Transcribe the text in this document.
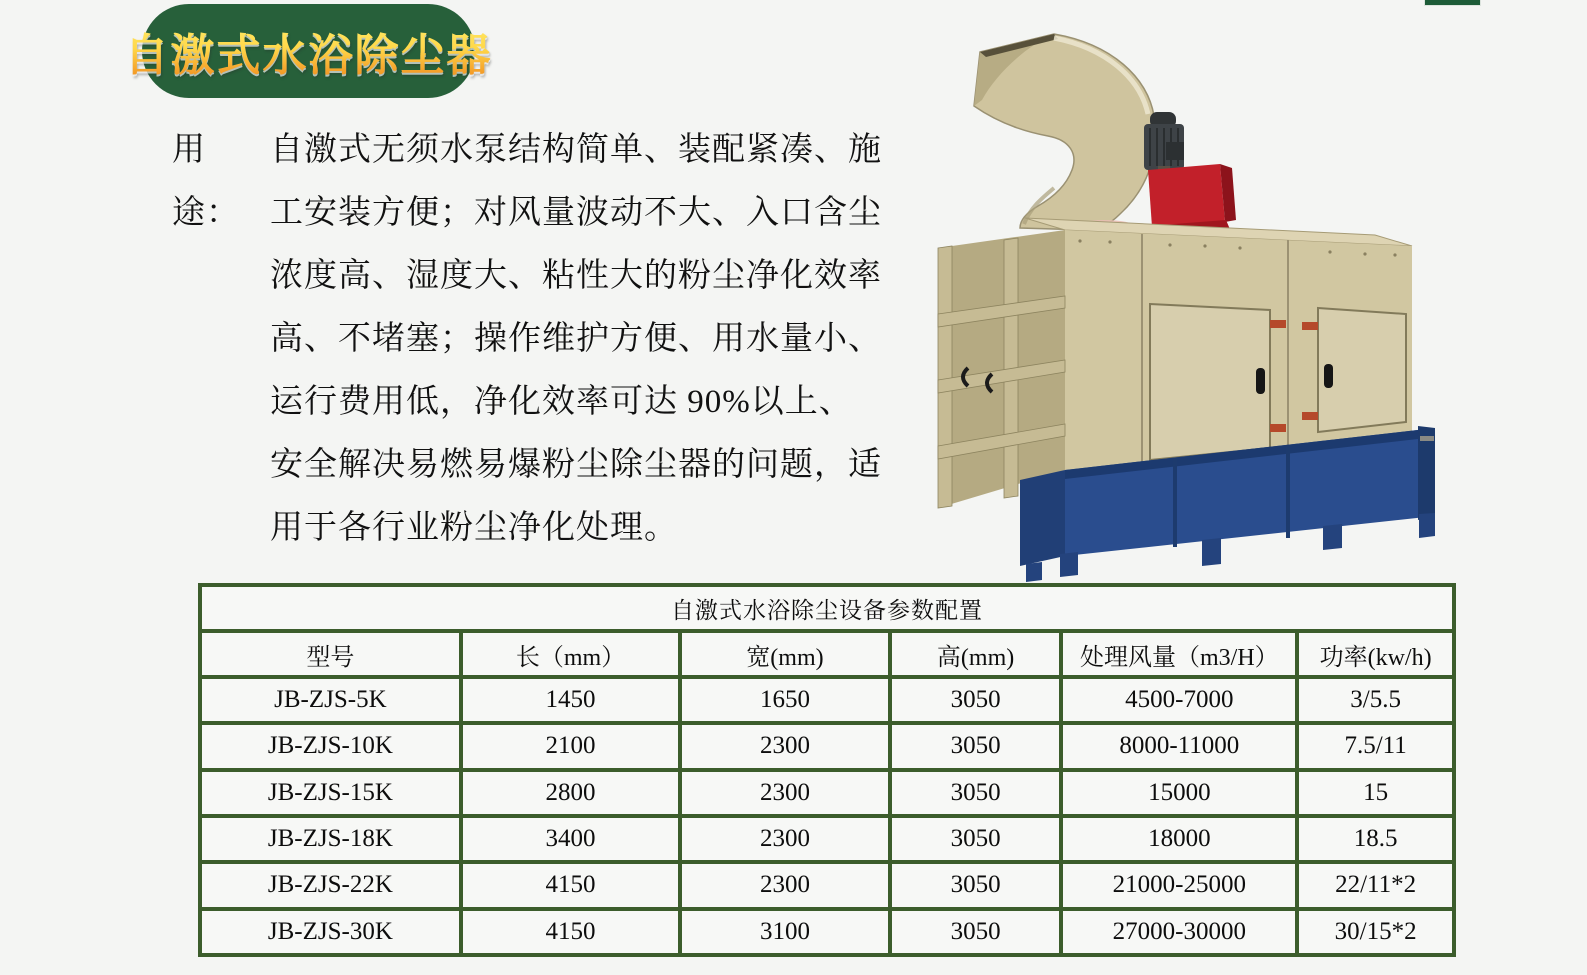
自激式水浴除尘器
用途：
自激式无须水泵结构简单、装配紧凑、施
工安装方便；对风量波动不大、入口含尘
浓度高、湿度大、粘性大的粉尘净化效率
高、不堵塞；操作维护方便、用水量小、
运行费用低，净化效率可达 90%以上、
安全解决易燃易爆粉尘除尘器的问题，适
用于各行业粉尘净化处理。
自激式水浴除尘设备参数配置					
型号	长（mm）	宽(mm)	高(mm)	处理风量（m3/H）	功率(kw/h)
JB-ZJS-5K	1450	1650	3050	4500-7000	3/5.5
JB-ZJS-10K	2100	2300	3050	8000-11000	7.5/11
JB-ZJS-15K	2800	2300	3050	15000	15
JB-ZJS-18K	3400	2300	3050	18000	18.5
JB-ZJS-22K	4150	2300	3050	21000-25000	22/11*2
JB-ZJS-30K	4150	3100	3050	27000-30000	30/15*2
